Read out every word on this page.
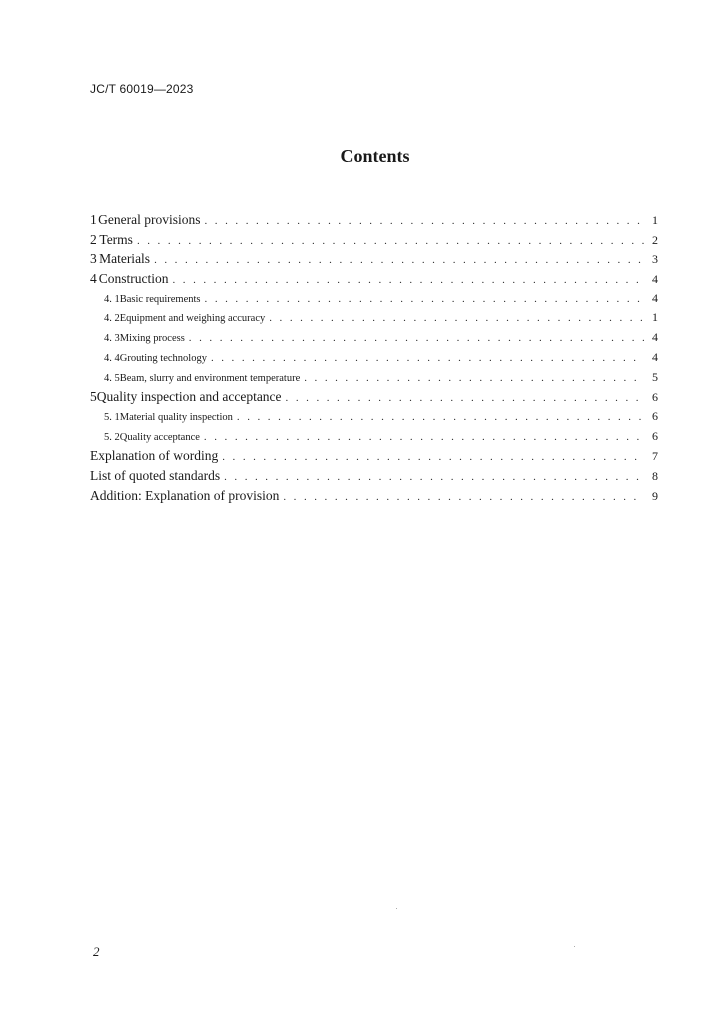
JC/T 60019—2023
Contents
1 General provisions . . .	1
2 Terms . . .	2
3 Materials . . .	3
4 Construction . . .	4
4. 1 Basic requirements . . .	4
4. 2 Equipment and weighing accuracy . . .	1
4. 3 Mixing process . . .	4
4. 4 Grouting technology . . .	4
4. 5 Beam, slurry and environment temperature . . .	5
5 Quality inspection and acceptance . . .	6
5. 1 Material quality inspection . . .	6
5. 2 Quality acceptance . . .	6
Explanation of wording . . .	7
List of quoted standards . . .	8
Addition: Explanation of provision . . .	9
2
